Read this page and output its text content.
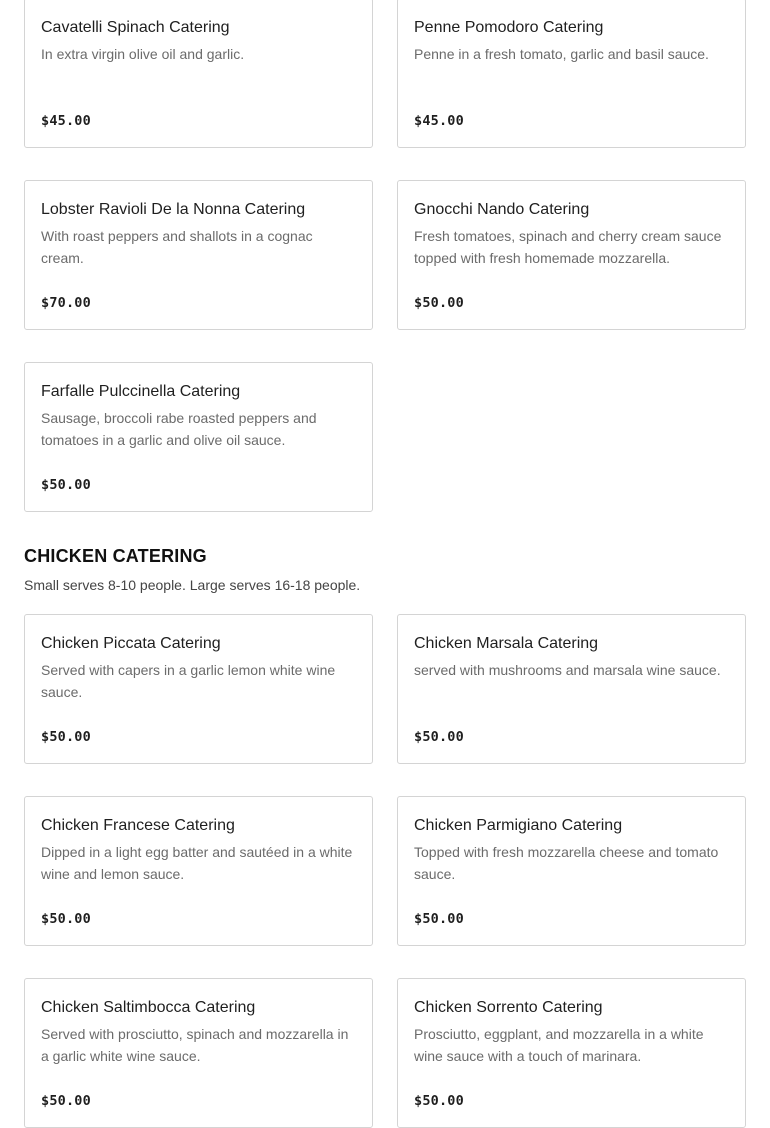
Cavatelli Spinach Catering

In extra virgin olive oil and garlic.

$45.00
Penne Pomodoro Catering

Penne in a fresh tomato, garlic and basil sauce.

$45.00
Lobster Ravioli De la Nonna Catering

With roast peppers and shallots in a cognac cream.

$70.00
Gnocchi Nando Catering

Fresh tomatoes, spinach and cherry cream sauce topped with fresh homemade mozzarella.

$50.00
Farfalle Pulccinella Catering

Sausage, broccoli rabe roasted peppers and tomatoes in a garlic and olive oil sauce.

$50.00
CHICKEN CATERING

Small serves 8-10 people. Large serves 16-18 people.

Chicken Piccata Catering

Served with capers in a garlic lemon white wine sauce.

$50.00
Chicken Marsala Catering

served with mushrooms and marsala wine sauce.

$50.00
Chicken Francese Catering

Dipped in a light egg batter and sautéed in a white wine and lemon sauce.

$50.00
Chicken Parmigiano Catering

Topped with fresh mozzarella cheese and tomato sauce.

$50.00
Chicken Saltimbocca Catering

Served with prosciutto, spinach and mozzarella in a garlic white wine sauce.

$50.00
Chicken Sorrento Catering

Prosciutto, eggplant, and mozzarella in a white wine sauce with a touch of marinara.

$50.00
